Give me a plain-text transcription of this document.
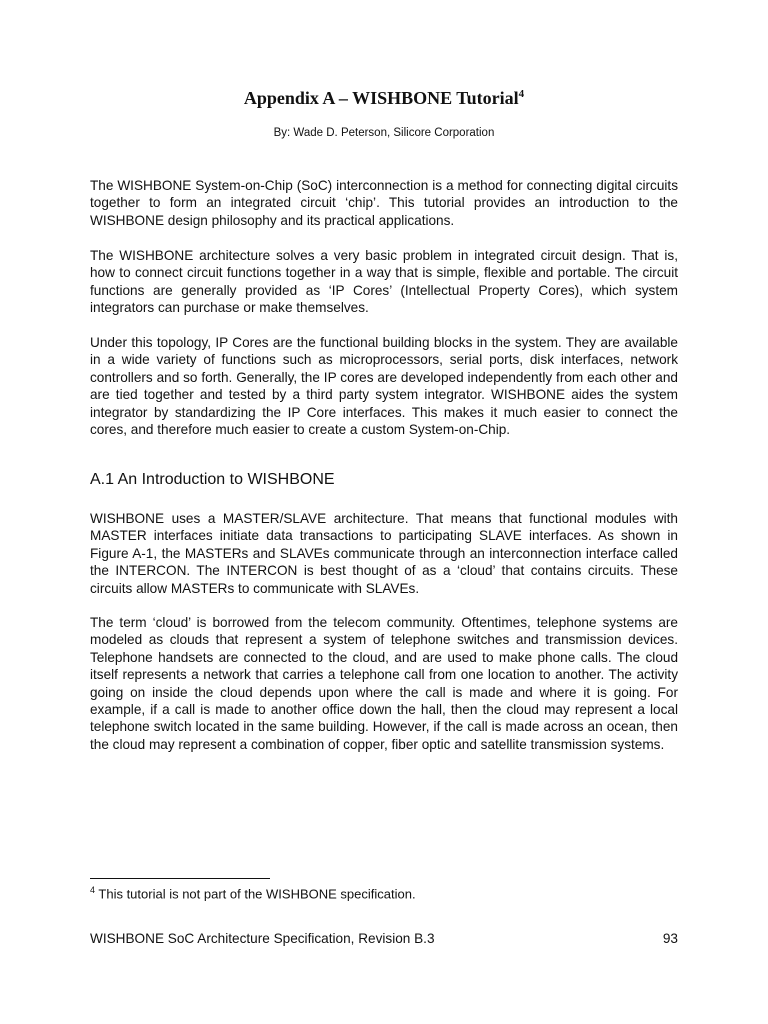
Appendix A – WISHBONE Tutorial$^4$
By: Wade D. Peterson, Silicore Corporation

The WISHBONE System-on-Chip (SoC) interconnection is a method for connecting digital circuits together to form an integrated circuit ‘chip’. This tutorial provides an introduction to the WISHBONE design philosophy and its practical applications.

The WISHBONE architecture solves a very basic problem in integrated circuit design. That is, how to connect circuit functions together in a way that is simple, flexible and portable. The circuit functions are generally provided as ‘IP Cores’ (Intellectual Property Cores), which system integrators can purchase or make themselves.

Under this topology, IP Cores are the functional building blocks in the system. They are available in a wide variety of functions such as microprocessors, serial ports, disk interfaces, network controllers and so forth. Generally, the IP cores are developed independently from each other and are tied together and tested by a third party system integrator. WISHBONE aides the system integrator by standardizing the IP Core interfaces. This makes it much easier to connect the cores, and therefore much easier to create a custom System-on-Chip.

A.1 An Introduction to WISHBONE

WISHBONE uses a MASTER/SLAVE architecture. That means that functional modules with MASTER interfaces initiate data transactions to participating SLAVE interfaces. As shown in Figure A-1, the MASTERs and SLAVEs communicate through an interconnection interface called the INTERCON. The INTERCON is best thought of as a ‘cloud’ that contains circuits. These circuits allow MASTERs to communicate with SLAVEs.

The term ‘cloud’ is borrowed from the telecom community. Oftentimes, telephone systems are modeled as clouds that represent a system of telephone switches and transmission devices. Telephone handsets are connected to the cloud, and are used to make phone calls. The cloud itself represents a network that carries a telephone call from one location to another. The activity going on inside the cloud depends upon where the call is made and where it is going. For example, if a call is made to another office down the hall, then the cloud may represent a local telephone switch located in the same building. However, if the call is made across an ocean, then the cloud may represent a combination of copper, fiber optic and satellite transmission systems.

$^4$ This tutorial is not part of the WISHBONE specification.
WISHBONE SoC Architecture Specification, Revision B.3	93
